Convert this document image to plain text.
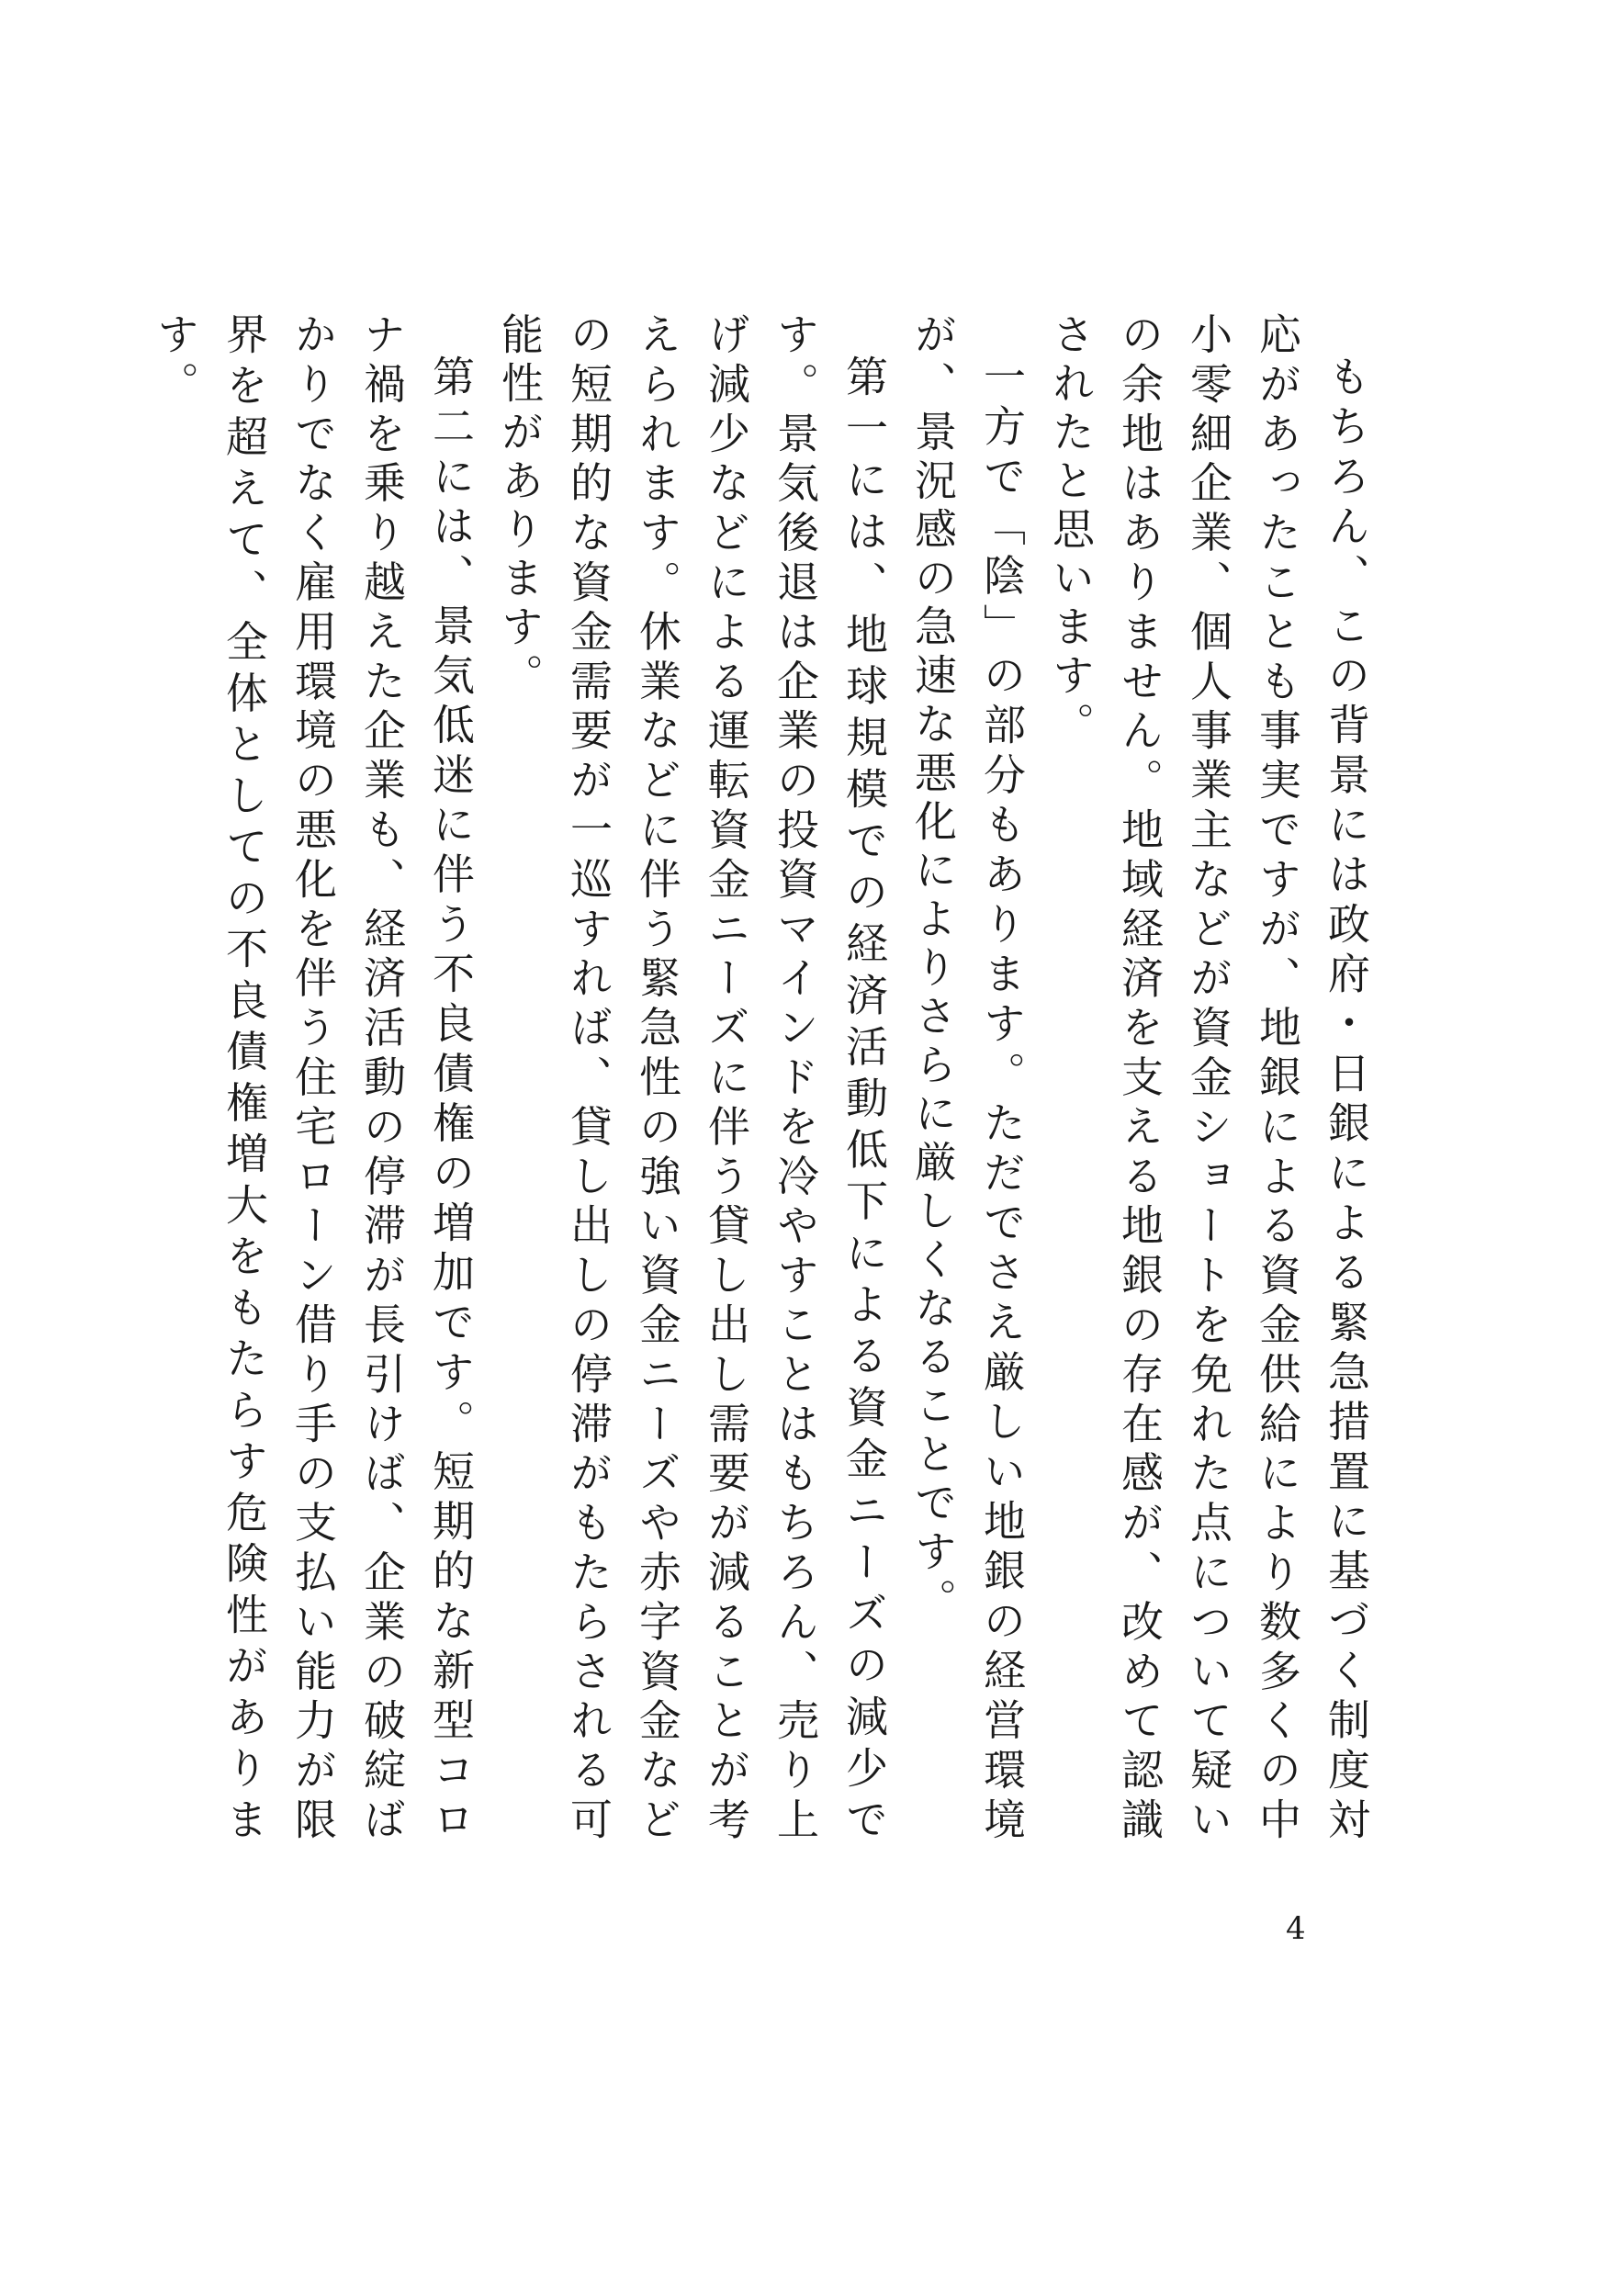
もちろん、この背景には政府・日銀による緊急措置に基づく制度対応があったことも事実ですが、地銀による資金供給により数多くの中小零細企業、個人事業主などが資金ショートを免れた点について疑いの余地はありません。地域経済を支える地銀の存在感が、改めて認識されたと思います。

一方で「陰」の部分もあります。ただでさえ厳しい地銀の経営環境が、景況感の急速な悪化によりさらに厳しくなることです。

第一には、地球規模での経済活動低下による資金ニーズの減少です。景気後退は企業の投資マインドを冷やすことはもちろん、売り上げ減少などによる運転資金ニーズに伴う貸し出し需要が減ることが考えられます。休業などに伴う緊急性の強い資金ニーズや赤字資金などの短期的な資金需要が一巡すれば、貸し出しの停滞がもたらされる可能性があります。

第二には、景気低迷に伴う不良債権の増加です。短期的な新型コロナ禍を乗り越えた企業も、経済活動の停滞が長引けば、企業の破綻ばかりでなく雇用環境の悪化を伴う住宅ローン借り手の支払い能力が限界を超えて、全体としての不良債権増大をもたらす危険性があります。

4
